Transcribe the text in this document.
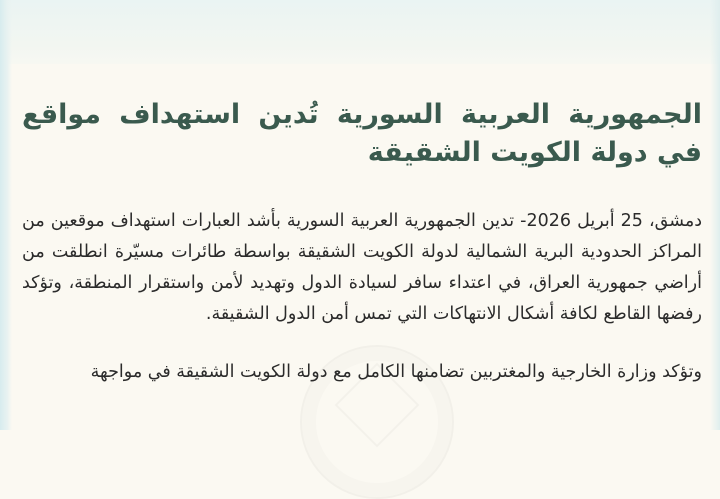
الجمهورية العربية السورية تُدين استهداف مواقع في دولة الكويت الشقيقة

دمشق، 25 أبريل 2026- تدين الجمهورية العربية السورية بأشد العبارات استهداف موقعين من المراكز الحدودية البرية الشمالية لدولة الكويت الشقيقة بواسطة طائرات مسيّرة انطلقت من أراضي جمهورية العراق، في اعتداء سافر لسيادة الدول وتهديد لأمن واستقرار المنطقة، وتؤكد رفضها القاطع لكافة أشكال الانتهاكات التي تمس أمن الدول الشقيقة.

وتؤكد وزارة الخارجية والمغتربين تضامنها الكامل مع دولة الكويت الشقيقة في مواجهة
